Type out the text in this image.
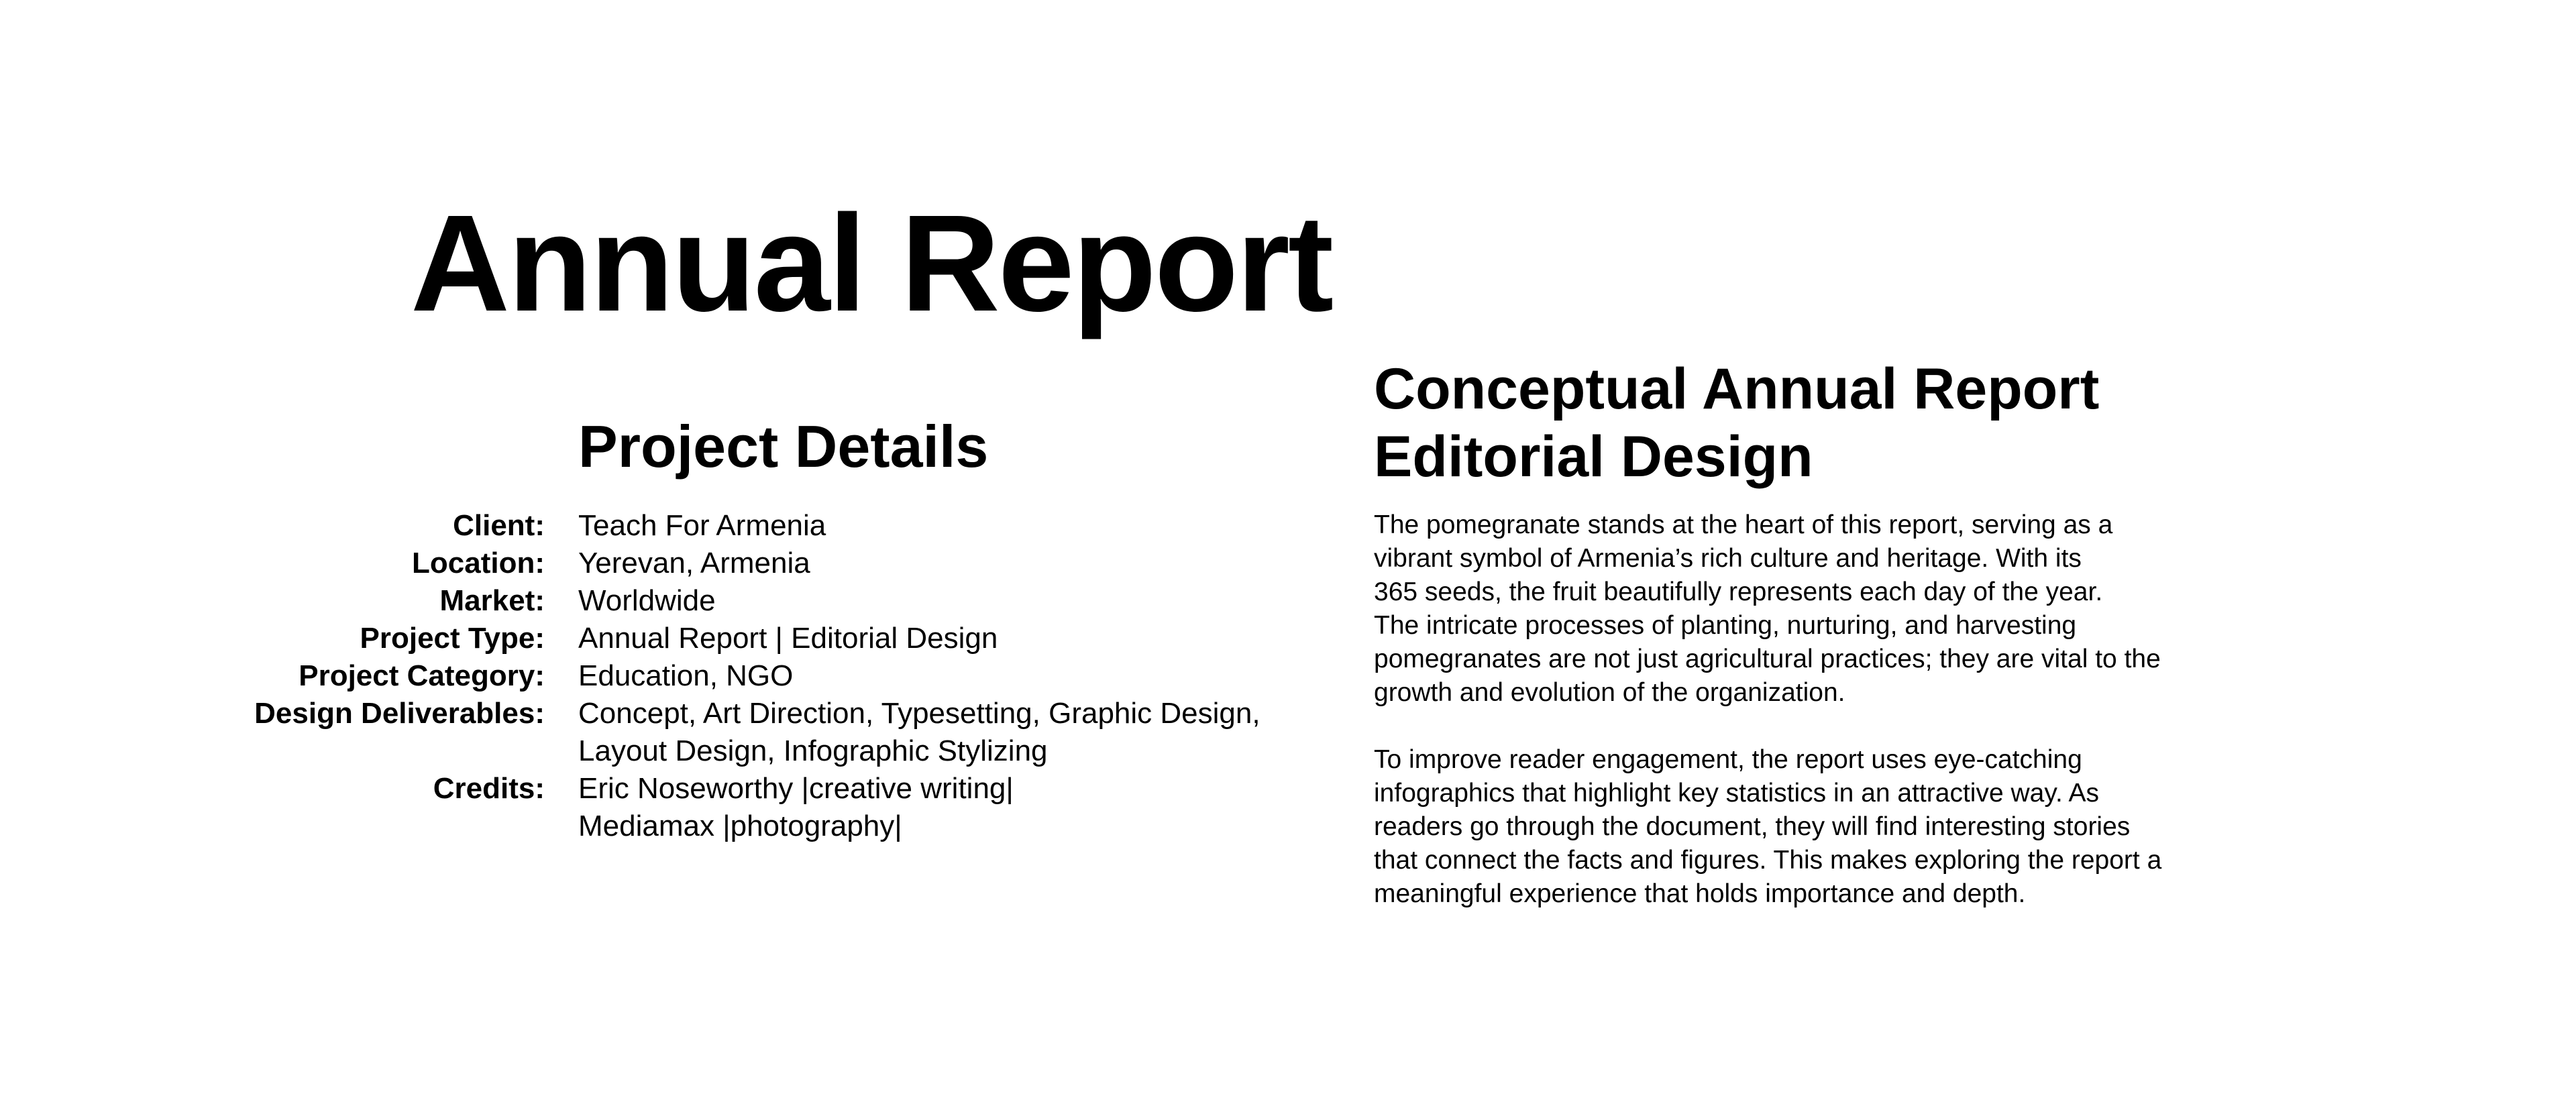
Annual Report
Project Details
Client: Teach For Armenia
Location: Yerevan, Armenia
Market: Worldwide
Project Type: Annual Report | Editorial Design
Project Category: Education, NGO
Design Deliverables: Concept, Art Direction, Typesetting, Graphic Design,
Layout Design, Infographic Stylizing
Credits: Eric Noseworthy |creative writing|
Mediamax |photography|
Conceptual Annual Report
Editorial Design

The pomegranate stands at the heart of this report, serving as a
vibrant symbol of Armenia’s rich culture and heritage. With its
365 seeds, the fruit beautifully represents each day of the year.
The intricate processes of planting, nurturing, and harvesting
pomegranates are not just agricultural practices; they are vital to the
growth and evolution of the organization.

To improve reader engagement, the report uses eye-catching
infographics that highlight key statistics in an attractive way. As
readers go through the document, they will find interesting stories
that connect the facts and figures. This makes exploring the report a
meaningful experience that holds importance and depth.
